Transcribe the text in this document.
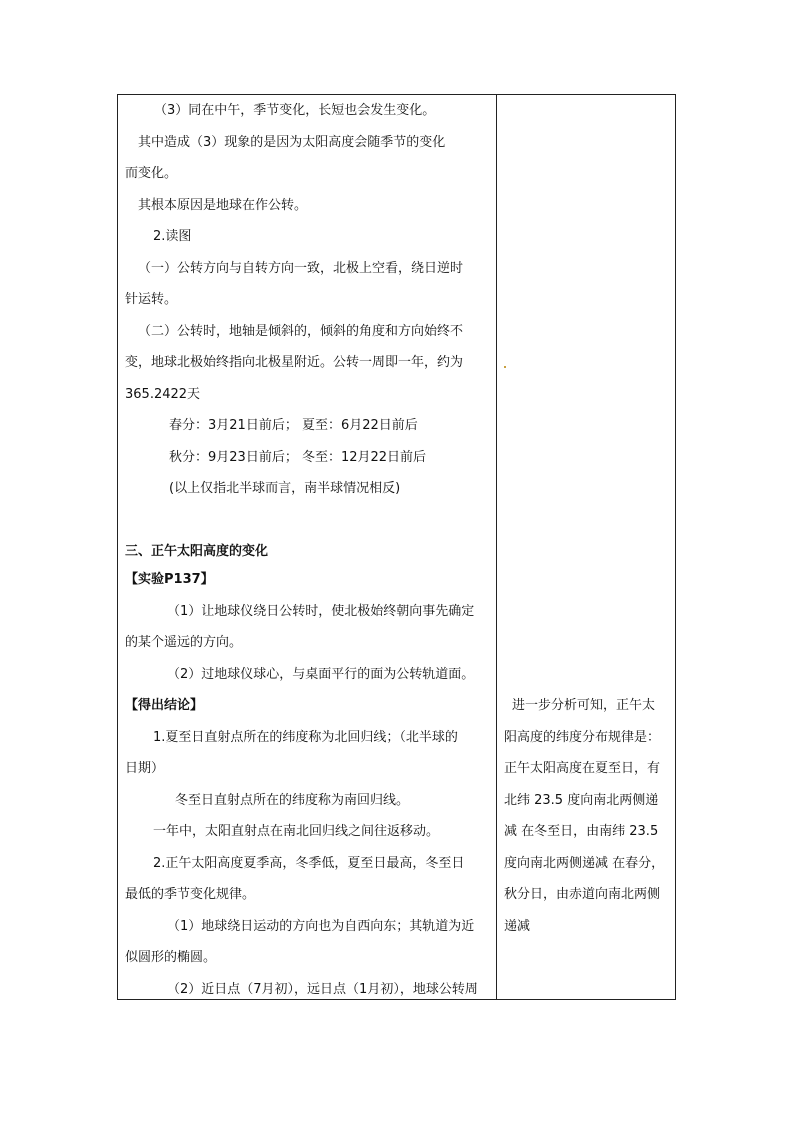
（3）同在中午，季节变化，长短也会发生变化。
其中造成（3）现象的是因为太阳高度会随季节的变化
而变化。
其根本原因是地球在作公转。
2.读图
（一）公转方向与自转方向一致，北极上空看，绕日逆时
针运转。
（二）公转时，地轴是倾斜的，倾斜的角度和方向始终不
变，地球北极始终指向北极星附近。公转一周即一年，约为
365.2422天
春分：3月21日前后； 夏至：6月22日前后
秋分：9月23日前后； 冬至：12月22日前后
(以上仅指北半球而言，南半球情况相反)
三、正午太阳高度的变化
【实验P137】
（1）让地球仪绕日公转时，使北极始终朝向事先确定
的某个遥远的方向。
（2）过地球仪球心，与桌面平行的面为公转轨道面。
【得出结论】
1.夏至日直射点所在的纬度称为北回归线；（北半球的
日期）
冬至日直射点所在的纬度称为南回归线。
一年中，太阳直射点在南北回归线之间往返移动。
2.正午太阳高度夏季高，冬季低，夏至日最高，冬至日
最低的季节变化规律。
（1）地球绕日运动的方向也为自西向东；其轨道为近
似圆形的椭圆。
（2）近日点（7月初），远日点（1月初），地球公转周
进一步分析可知，正午太
阳高度的纬度分布规律是：
正午太阳高度在夏至日，有
北纬 23.5 度向南北两侧递
减 在冬至日，由南纬 23.5
度向南北两侧递减 在春分，
秋分日，由赤道向南北两侧
递减
